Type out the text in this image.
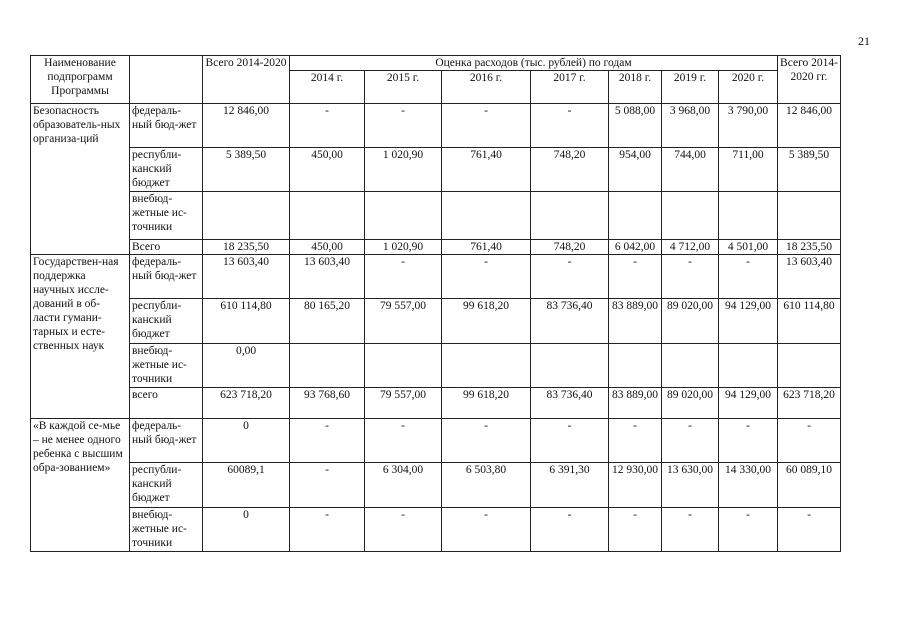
21
Наименование подпрограмм Программы		Всего 2014-2020	Оценка расходов (тыс. рублей) по годам							Всего 2014-2020 гг.
			2014 г.	2015 г.	2016 г.	2017 г.	2018 г.	2019 г.	2020 г.	
Безопасность образователь-ных организа-ций	федераль-ный бюд-жет	12 846,00	-	-	-	-	5 088,00	3 968,00	3 790,00	12 846,00
	республи-канский бюджет	5 389,50	450,00	1 020,90	761,40	748,20	954,00	744,00	711,00	5 389,50
	внебюд-жетные ис-точники									
	Всего	18 235,50	450,00	1 020,90	761,40	748,20	6 042,00	4 712,00	4 501,00	18 235,50
Государствен-ная поддержка научных иссле-дований в об-ласти гумани-тарных и есте-ственных наук	федераль-ный бюд-жет	13 603,40	13 603,40	-	-	-	-	-	-	13 603,40
	республи-канский бюджет	610 114,80	80 165,20	79 557,00	99 618,20	83 736,40	83 889,00	89 020,00	94 129,00	610 114,80
	внебюд-жетные ис-точники	0,00								
	всего	623 718,20	93 768,60	79 557,00	99 618,20	83 736,40	83 889,00	89 020,00	94 129,00	623 718,20
«В каждой се-мье – не менее одного ребенка с высшим обра-зованием»	федераль-ный бюд-жет	0	-	-	-	-	-	-	-	-
	республи-канский бюджет	60089,1	-	6 304,00	6 503,80	6 391,30	12 930,00	13 630,00	14 330,00	60 089,10
	внебюд-жетные ис-точники	0	-	-	-	-	-	-	-	-
